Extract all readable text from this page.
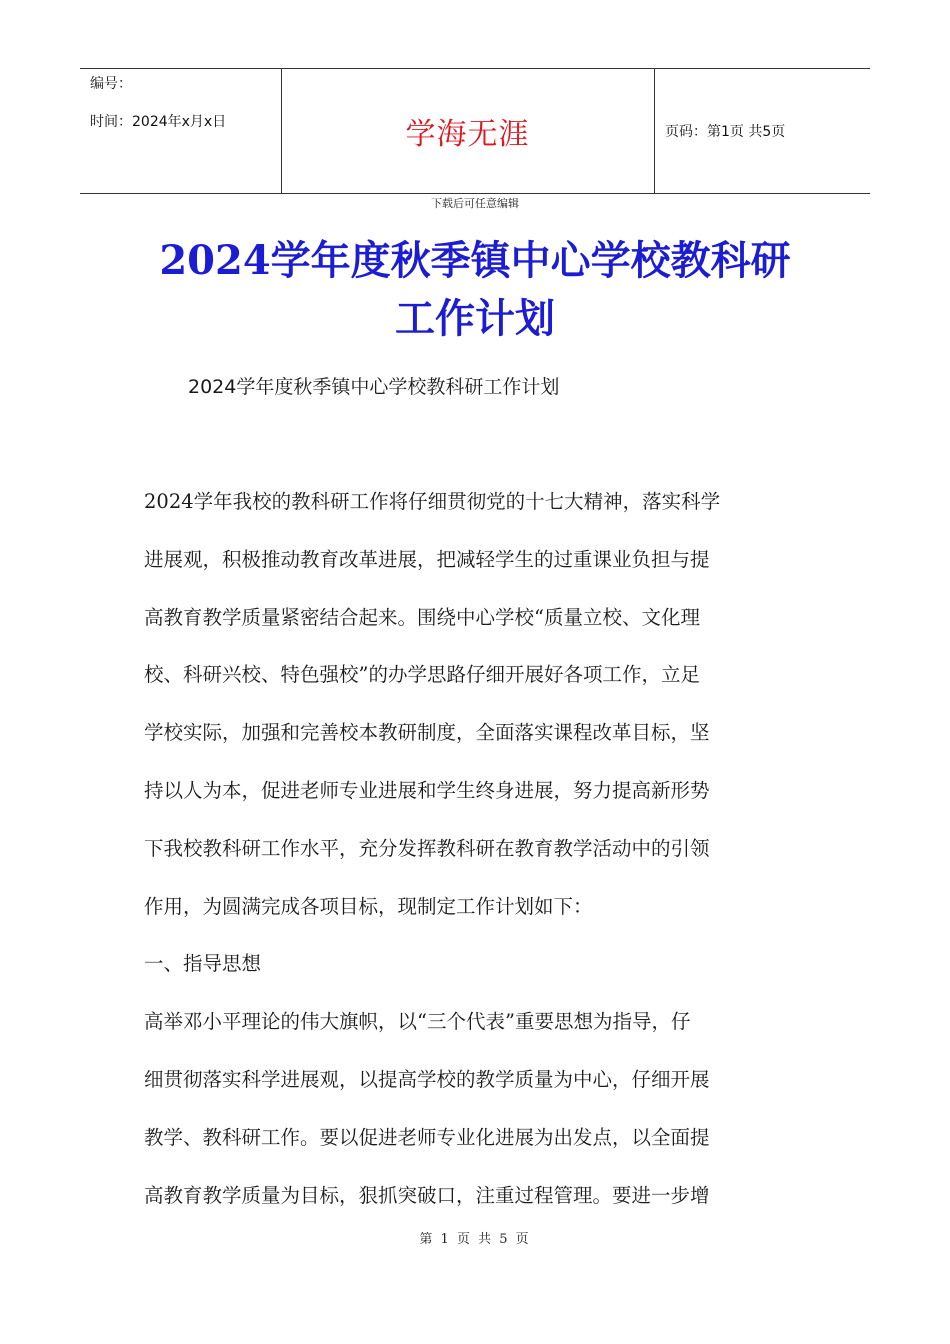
编号：
时间：2024年x月x日	学海无涯	页码：第1页 共5页
下载后可任意编辑
2024学年度秋季镇中心学校教科研
工作计划
2024学年度秋季镇中心学校教科研工作计划
2024学年我校的教科研工作将仔细贯彻党的十七大精神，落实科学
进展观，积极推动教育改革进展，把减轻学生的过重课业负担与提
高教育教学质量紧密结合起来。围绕中心学校“质量立校、文化理
校、科研兴校、特色强校”的办学思路仔细开展好各项工作，立足
学校实际，加强和完善校本教研制度，全面落实课程改革目标，坚
持以人为本，促进老师专业进展和学生终身进展，努力提高新形势
下我校教科研工作水平，充分发挥教科研在教育教学活动中的引领
作用，为圆满完成各项目标，现制定工作计划如下：
一、指导思想
高举邓小平理论的伟大旗帜，以“三个代表”重要思想为指导，仔
细贯彻落实科学进展观，以提高学校的教学质量为中心，仔细开展
教学、教科研工作。要以促进老师专业化进展为出发点，以全面提
高教育教学质量为目标，狠抓突破口，注重过程管理。要进一步增
第 1 页 共 5 页
